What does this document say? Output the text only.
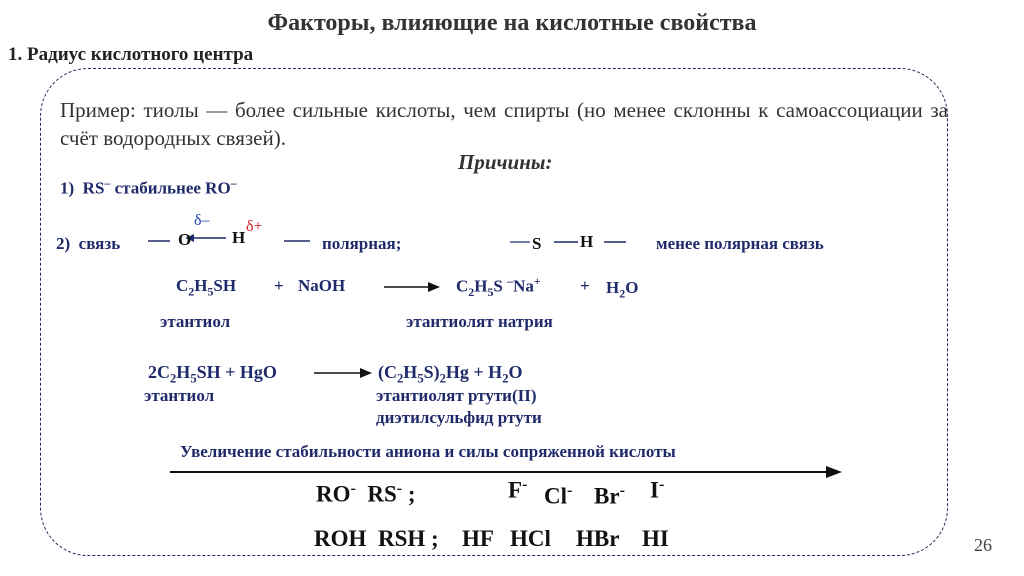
Факторы, влияющие на кислотные свойства
1. Радиус кислотного центра
Пример: тиолы — более сильные кислоты, чем спирты (но менее склонны к самоассоциации за счёт водородных связей).
Причины:
1) RS– стабильнее RO–
2) связь	O
δ–
H
δ+
полярная;	S H	менее полярная связь
$C_2H_5SH$ + NaOH → $C_2H_5S$ $^-Na^+ + H_2O$
этантиол	этантиолят натрия
$2C_2H_5SH$ + HgO → $(C_2H_5S)_2Hg + H_2O$
этантиол	этантиолят ртути(II)
диэтилсульфид ртути
Увеличение стабильности аниона и силы сопряженной кислоты
RO-  RS- ;	F- Cl- Br- I-
ROH RSH ; HF HCl HBr HI	26
